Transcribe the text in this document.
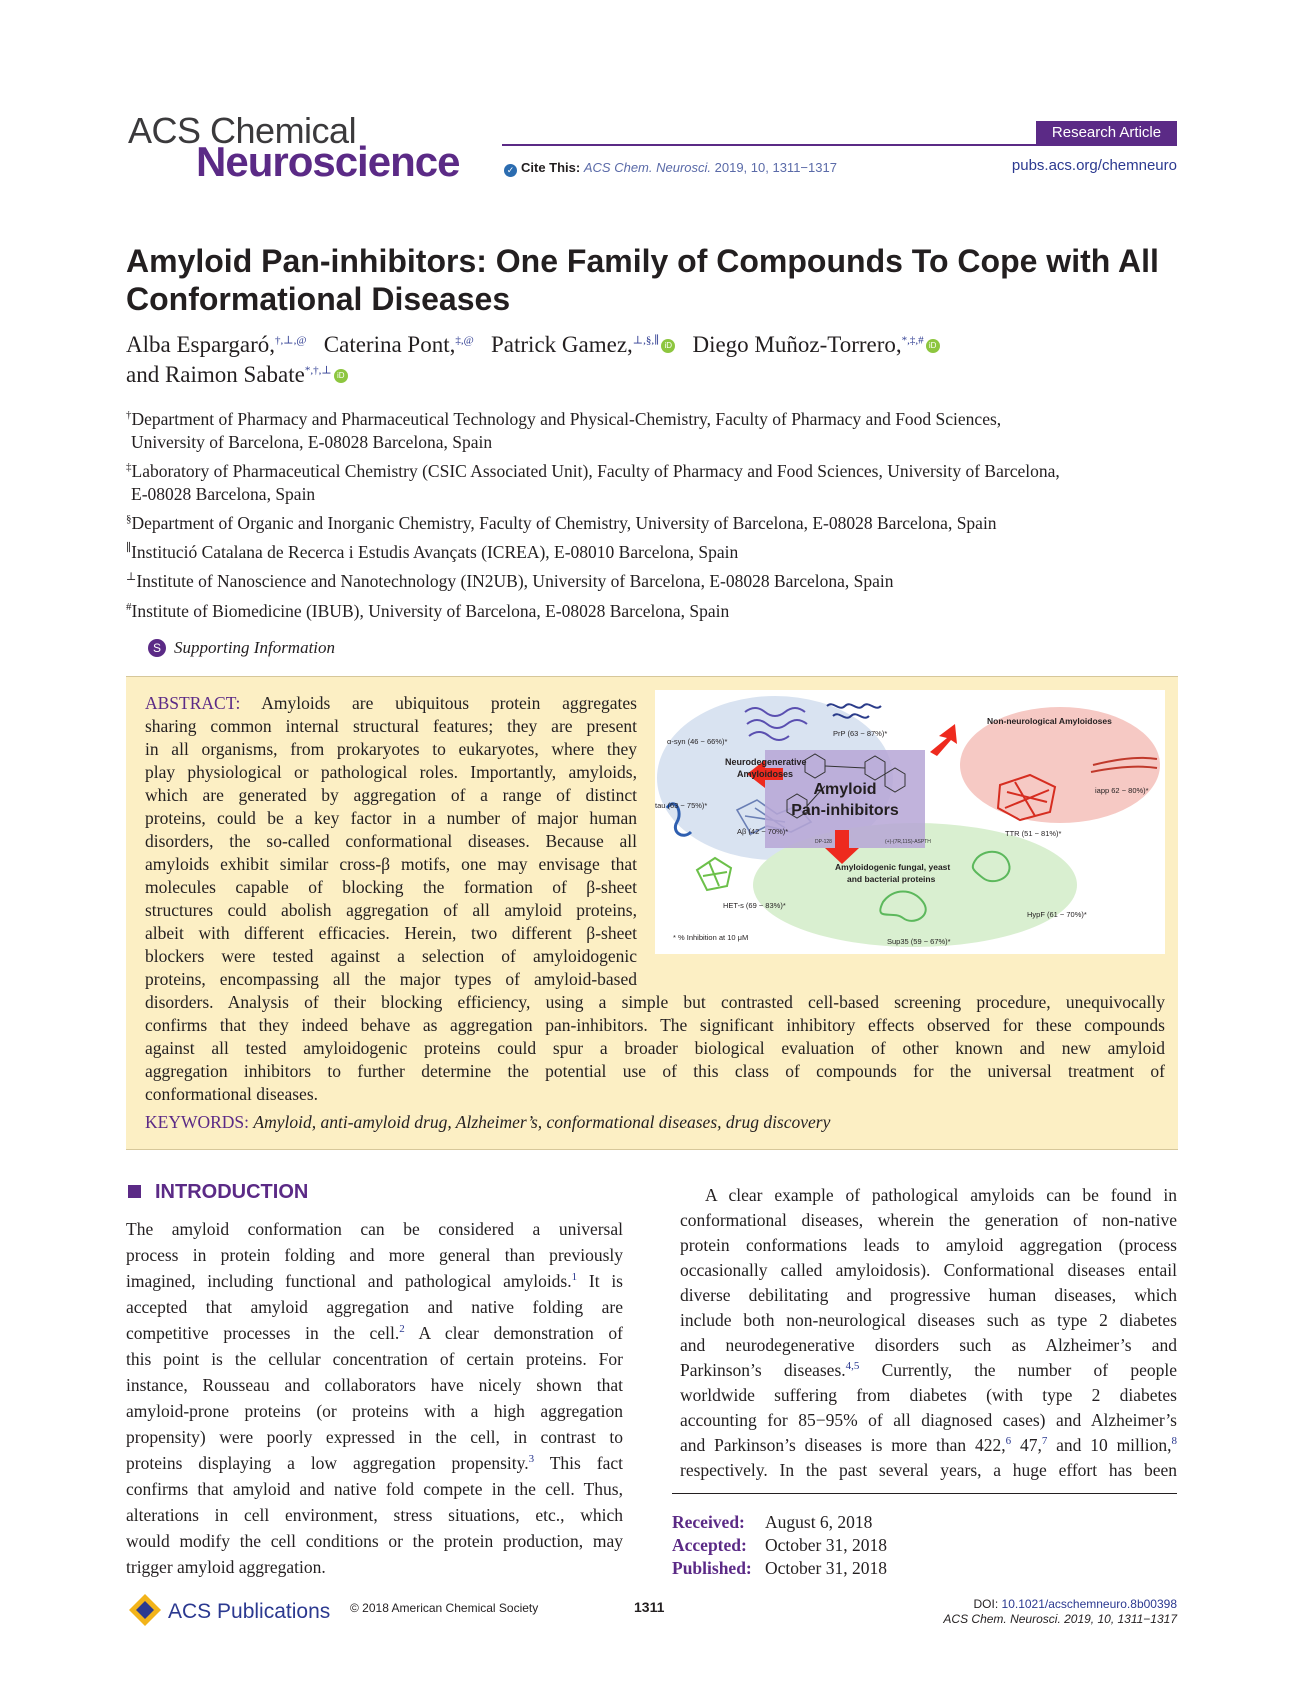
ACS Chemical
Neuroscience
Research Article
✓ Cite This: ACS Chem. Neurosci. 2019, 10, 1311−1317	pubs.acs.org/chemneuro
Amyloid Pan-inhibitors: One Family of Compounds To Cope with All Conformational Diseases
Alba Espargaró,†,⊥,@ Caterina Pont,‡,@ Patrick Gamez,⊥,§,∥ iD Diego Muñoz-Torrero,*,‡,# iD
and Raimon Sabate*,†,⊥ iD
†Department of Pharmacy and Pharmaceutical Technology and Physical-Chemistry, Faculty of Pharmacy and Food Sciences,
University of Barcelona, E-08028 Barcelona, Spain
‡Laboratory of Pharmaceutical Chemistry (CSIC Associated Unit), Faculty of Pharmacy and Food Sciences, University of Barcelona,
E-08028 Barcelona, Spain
§Department of Organic and Inorganic Chemistry, Faculty of Chemistry, University of Barcelona, E-08028 Barcelona, Spain
∥Institució Catalana de Recerca i Estudis Avançats (ICREA), E-08010 Barcelona, Spain
⊥Institute of Nanoscience and Nanotechnology (IN2UB), University of Barcelona, E-08028 Barcelona, Spain
#Institute of Biomedicine (IBUB), University of Barcelona, E-08028 Barcelona, Spain
S Supporting Information
ABSTRACT: Amyloids are ubiquitous protein aggregates
sharing common internal structural features; they are present
in all organisms, from prokaryotes to eukaryotes, where they
play physiological or pathological roles. Importantly, amyloids,
which are generated by aggregation of a range of distinct
proteins, could be a key factor in a number of major human
disorders, the so-called conformational diseases. Because all
amyloids exhibit similar cross-β motifs, one may envisage that
molecules capable of blocking the formation of β-sheet
structures could abolish aggregation of all amyloid proteins,
albeit with different efficacies. Herein, two different β-sheet
blockers were tested against a selection of amyloidogenic
proteins, encompassing all the major types of amyloid-based
disorders. Analysis of their blocking efficiency, using a simple but contrasted cell-based screening procedure, unequivocally
confirms that they indeed behave as aggregation pan-inhibitors. The significant inhibitory effects observed for these compounds
against all tested amyloidogenic proteins could spur a broader biological evaluation of other known and new amyloid
aggregation inhibitors to further determine the potential use of this class of compounds for the universal treatment of
conformational diseases.
KEYWORDS: Amyloid, anti-amyloid drug, Alzheimer’s, conformational diseases, drug discovery
Amyloid
Pan-inhibitors
DP-128	(+)-(7R,11S)-ASPTH
Neurodegenerative
Amyloidoses
α-syn (46 − 66%)*
PrP (63 − 87%)*
tau (63 − 75%)*
Aβ (42 − 70%)*
Non-neurological Amyloidoses
iapp 62 − 80%)*
TTR (51 − 81%)*
Amyloidogenic fungal, yeast
and bacterial proteins
HET-s (69 − 83%)*
HypF (61 − 70%)*
Sup35 (59 − 67%)*
* % Inhibition at 10 μM
INTRODUCTION
The amyloid conformation can be considered a universal
process in protein folding and more general than previously
imagined, including functional and pathological amyloids.$^1$ It is
accepted that amyloid aggregation and native folding are
competitive processes in the cell.$^2$ A clear demonstration of
this point is the cellular concentration of certain proteins. For
instance, Rousseau and collaborators have nicely shown that
amyloid-prone proteins (or proteins with a high aggregation
propensity) were poorly expressed in the cell, in contrast to
proteins displaying a low aggregation propensity.$^3$ This fact
confirms that amyloid and native fold compete in the cell. Thus,
alterations in cell environment, stress situations, etc., which
would modify the cell conditions or the protein production, may
trigger amyloid aggregation.
A clear example of pathological amyloids can be found in
conformational diseases, wherein the generation of non-native
protein conformations leads to amyloid aggregation (process
occasionally called amyloidosis). Conformational diseases entail
diverse debilitating and progressive human diseases, which
include both non-neurological diseases such as type 2 diabetes
and neurodegenerative disorders such as Alzheimer’s and
Parkinson’s diseases.$^{4,5}$ Currently, the number of people
worldwide suffering from diabetes (with type 2 diabetes
accounting for 85−95% of all diagnosed cases) and Alzheimer’s
and Parkinson’s diseases is more than 422,$^6$ 47,$^7$ and 10 million,$^8$
respectively. In the past several years, a huge effort has been
Received: August 6, 2018
Accepted: October 31, 2018
Published: October 31, 2018
ACS Publications © 2018 American Chemical Society	1311	DOI: 10.1021/acschemneuro.8b00398
ACS Chem. Neurosci. 2019, 10, 1311−1317
